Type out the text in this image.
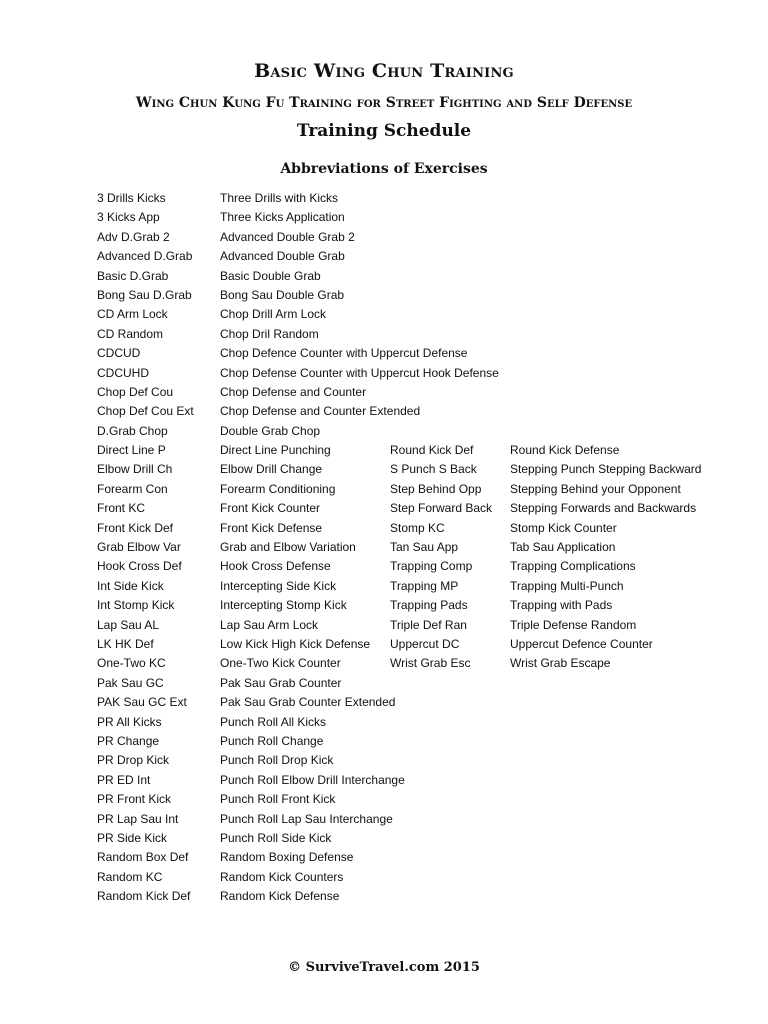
Basic Wing Chun Training
Wing Chun Kung Fu Training for Street Fighting and Self Defense
Training Schedule
Abbreviations of Exercises
3 Drills Kicks
3 Kicks App
Adv D.Grab 2
Advanced D.Grab
Basic D.Grab
Bong Sau D.Grab
CD Arm Lock
CD Random
CDCUD
CDCUHD
Chop Def Cou
Chop Def Cou Ext
D.Grab Chop
Direct Line P
Elbow Drill Ch
Forearm Con
Front KC
Front Kick Def
Grab Elbow Var
Hook Cross Def
Int Side Kick
Int Stomp Kick
Lap Sau AL
LK HK Def
One-Two KC
Pak Sau GC
PAK Sau GC Ext
PR All Kicks
PR Change
PR Drop Kick
PR ED Int
PR Front Kick
PR Lap Sau Int
PR Side Kick
Random Box Def
Random KC
Random Kick Def
Three Drills with Kicks
Three Kicks Application
Advanced Double Grab 2
Advanced Double Grab
Basic Double Grab
Bong Sau Double Grab
Chop Drill Arm Lock
Chop Dril Random
Chop Defence Counter with Uppercut Defense
Chop Defense Counter with Uppercut Hook Defense
Chop Defense and Counter
Chop Defense and Counter Extended
Double Grab Chop
Direct Line Punching
Elbow Drill Change
Forearm Conditioning
Front Kick Counter
Front Kick Defense
Grab and Elbow Variation
Hook Cross Defense
Intercepting Side Kick
Intercepting Stomp Kick
Lap Sau Arm Lock
Low Kick High Kick Defense
One-Two Kick Counter
Pak Sau Grab Counter
Pak Sau Grab Counter Extended
Punch Roll All Kicks
Punch Roll Change
Punch Roll Drop Kick
Punch Roll Elbow Drill Interchange
Punch Roll Front Kick
Punch Roll Lap Sau Interchange
Punch Roll Side Kick
Random Boxing Defense
Random Kick Counters
Random Kick Defense
Round Kick Def
S Punch S Back
Step Behind Opp
Step Forward Back
Stomp KC
Tan Sau App
Trapping Comp
Trapping MP
Trapping Pads
Triple Def Ran
Uppercut DC
Wrist Grab Esc
Round Kick Defense
Stepping Punch Stepping Backward
Stepping Behind your Opponent
Stepping Forwards and Backwards
Stomp Kick Counter
Tab Sau Application
Trapping Complications
Trapping Multi-Punch
Trapping with Pads
Triple Defense Random
Uppercut Defence Counter
Wrist Grab Escape
© SurviveTravel.com 2015
